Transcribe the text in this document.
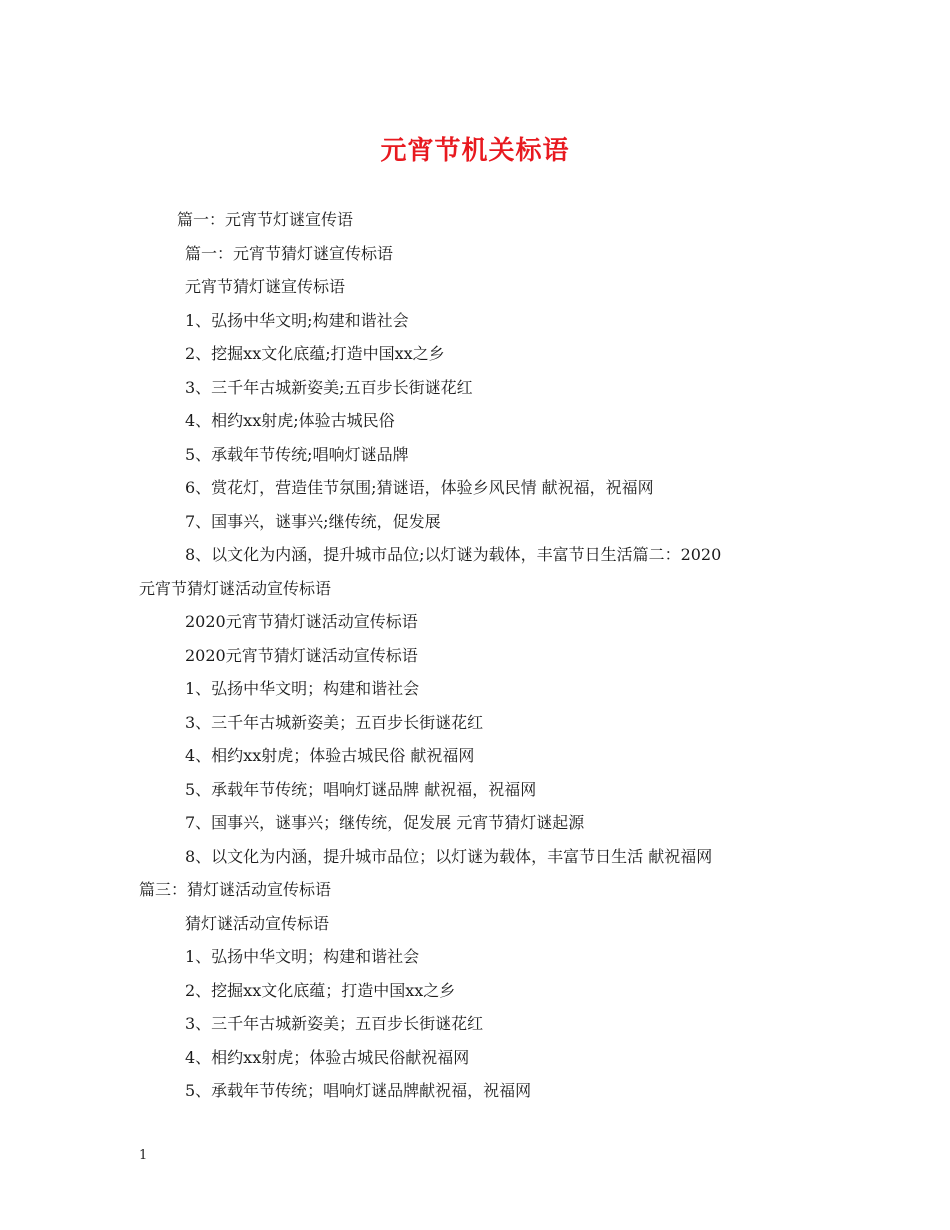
元宵节机关标语
篇一：元宵节灯谜宣传语
篇一：元宵节猜灯谜宣传标语
元宵节猜灯谜宣传标语
1、弘扬中华文明;构建和谐社会
2、挖掘xx文化底蕴;打造中国xx之乡
3、三千年古城新姿美;五百步长街谜花红
4、相约xx射虎;体验古城民俗
5、承载年节传统;唱响灯谜品牌
6、赏花灯，营造佳节氛围;猜谜语，体验乡风民情 献祝福，祝福网
7、国事兴，谜事兴;继传统，促发展
8、以文化为内涵，提升城市品位;以灯谜为载体，丰富节日生活篇二：2020
元宵节猜灯谜活动宣传标语
2020元宵节猜灯谜活动宣传标语
2020元宵节猜灯谜活动宣传标语
1、弘扬中华文明；构建和谐社会
3、三千年古城新姿美；五百步长街谜花红
4、相约xx射虎；体验古城民俗 献祝福网
5、承载年节传统；唱响灯谜品牌 献祝福，祝福网
7、国事兴，谜事兴；继传统，促发展 元宵节猜灯谜起源
8、以文化为内涵，提升城市品位；以灯谜为载体，丰富节日生活 献祝福网
篇三：猜灯谜活动宣传标语
猜灯谜活动宣传标语
1、弘扬中华文明；构建和谐社会
2、挖掘xx文化底蕴；打造中国xx之乡
3、三千年古城新姿美；五百步长街谜花红
4、相约xx射虎；体验古城民俗献祝福网
5、承载年节传统；唱响灯谜品牌献祝福，祝福网
1
